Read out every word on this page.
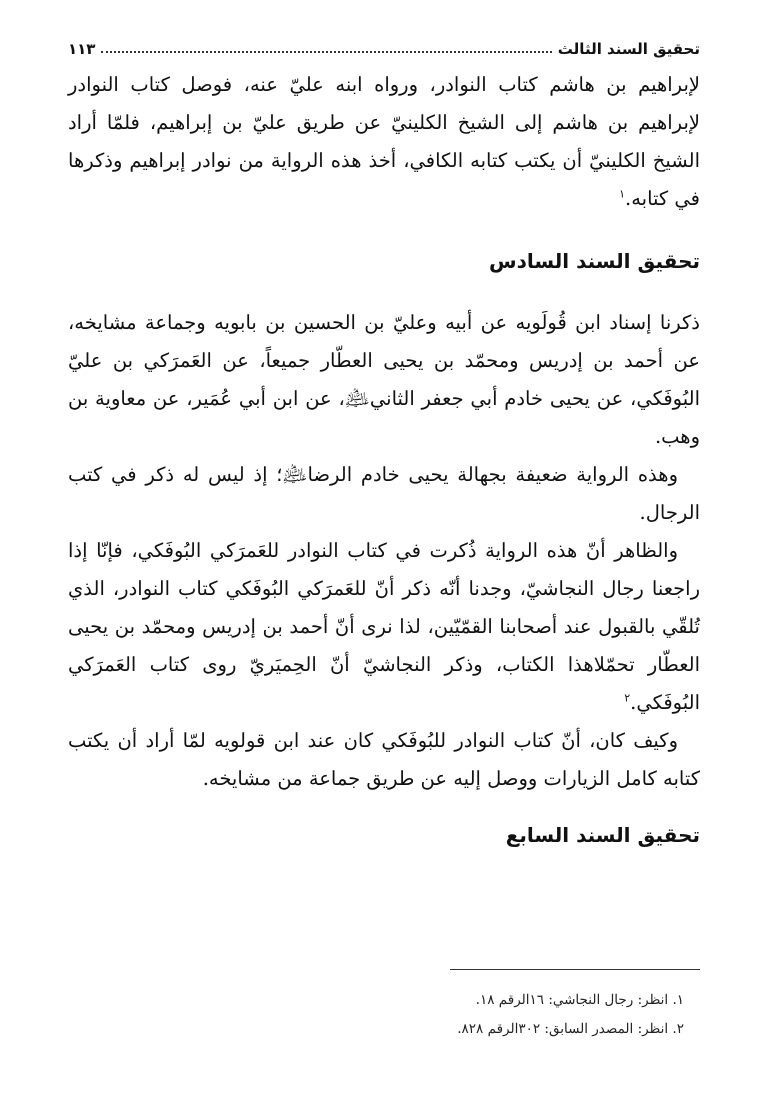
تحقيق السند الثالث
١١٣

لإبراهيم بن هاشم كتاب النوادر، ورواه ابنه عليّ عنه، فوصل كتاب النوادر لإبراهيم بن هاشم إلى الشيخ الكلينيّ عن طريق عليّ بن إبراهيم، فلمّا أراد الشيخ الكلينيّ أن يكتب كتابه الكافي، أخذ هذه الرواية من نوادر إبراهيم وذكرها في كتابه.$^١$

تحقيق السند السادس

ذكرنا إسناد ابن قُولَويه عن أبيه وعليّ بن الحسين بن بابويه وجماعة مشايخه، عن أحمد بن إدريس ومحمّد بن يحيى العطّار جميعاً، عن العَمرَكي بن عليّ البُوفَكي، عن يحيى خادم أبي جعفر الثاني﵇، عن ابن أبي عُمَير، عن معاوية بن وهب.

وهذه الرواية ضعيفة بجهالة يحيى خادم الرضا﵇؛ إذ ليس له ذكر في كتب الرجال.

والظاهر أنّ هذه الرواية ذُكرت في كتاب النوادر للعَمرَكي البُوفَكي، فإنّا إذا راجعنا رجال النجاشيّ، وجدنا أنّه ذكر أنّ للعَمرَكي البُوفَكي كتاب النوادر، الذي تُلقّي بالقبول عند أصحابنا القمّيّين، لذا نرى أنّ أحمد بن إدريس ومحمّد بن يحيى العطّار تحمّلاهذا الكتاب، وذكر النجاشيّ أنّ الحِميَريّ روى كتاب العَمرَكي البُوفَكي.$^٢$

وكيف كان، أنّ كتاب النوادر للبُوفَكي كان عند ابن قولويه لمّا أراد أن يكتب كتابه كامل الزيارات ووصل إليه عن طريق جماعة من مشايخه.

تحقيق السند السابع

١. انظر: رجال النجاشي: ١٦الرقم ١٨.

٢. انظر: المصدر السابق: ٣٠٢الرقم ٨٢٨.
